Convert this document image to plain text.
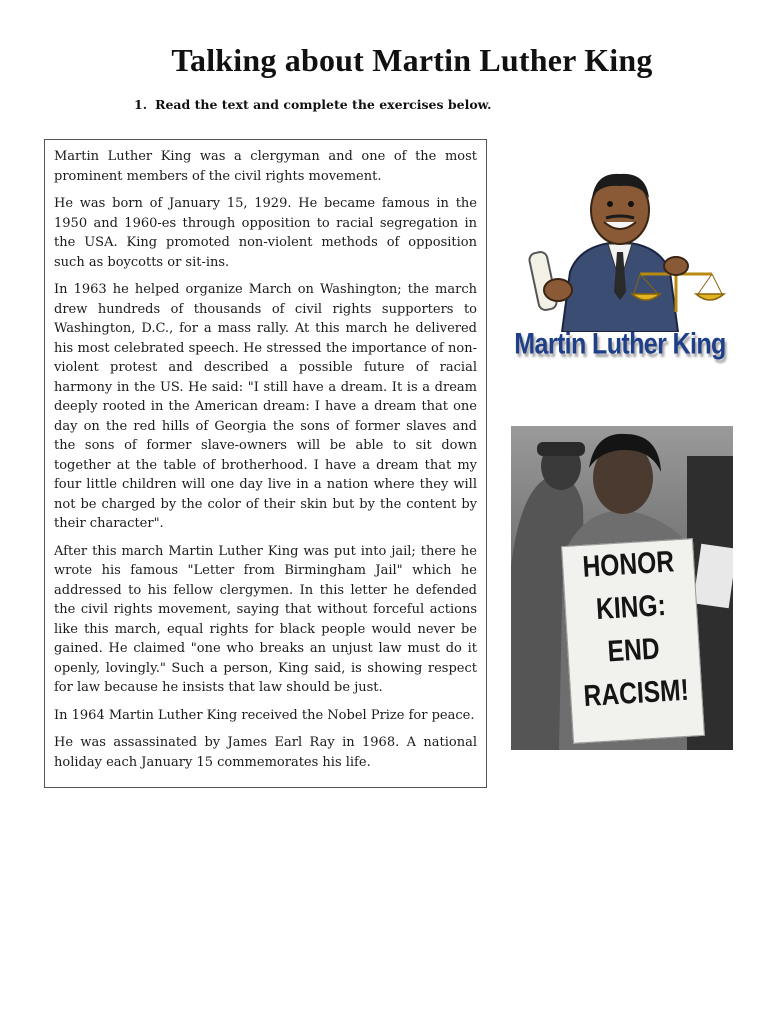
Talking about Martin Luther King

1. Read the text and complete the exercises below.

Martin Luther King was a clergyman and one of the most prominent members of the civil rights movement.

He was born of January 15, 1929. He became famous in the 1950 and 1960-es through opposition to racial segregation in the USA. King promoted non-violent methods of opposition such as boycotts or sit-ins.

In 1963 he helped organize March on Washington; the march drew hundreds of thousands of civil rights supporters to Washington, D.C., for a mass rally. At this march he delivered his most celebrated speech. He stressed the importance of non-violent protest and described a possible future of racial harmony in the US. He said: "I still have a dream. It is a dream deeply rooted in the American dream: I have a dream that one day on the red hills of Georgia the sons of former slaves and the sons of former slave-owners will be able to sit down together at the table of brotherhood. I have a dream that my four little children will one day live in a nation where they will not be charged by the color of their skin but by the content by their character".

After this march Martin Luther King was put into jail; there he wrote his famous "Letter from Birmingham Jail" which he addressed to his fellow clergymen. In this letter he defended the civil rights movement, saying that without forceful actions like this march, equal rights for black people would never be gained. He claimed "one who breaks an unjust law must do it openly, lovingly." Such a person, King said, is showing respect for law because he insists that law should be just.

In 1964 Martin Luther King received the Nobel Prize for peace.

He was assassinated by James Earl Ray in 1968. A national holiday each January 15 commemorates his life.

Martin Luther King
HONOR
KING:
END
RACISM!
